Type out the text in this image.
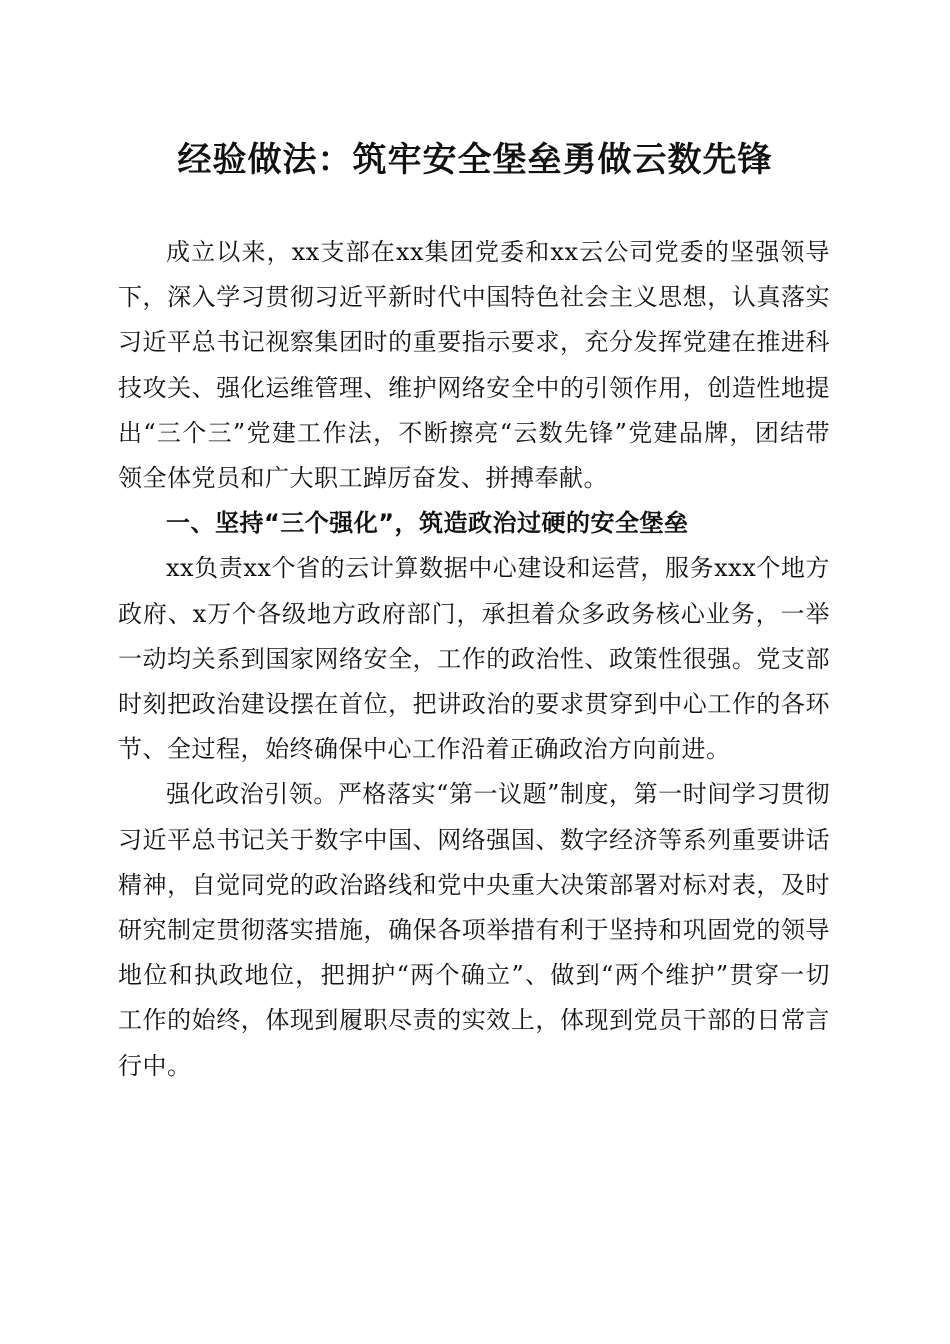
经验做法：筑牢安全堡垒勇做云数先锋

成立以来，xx支部在xx集团党委和xx云公司党委的坚强领导下，深入学习贯彻习近平新时代中国特色社会主义思想，认真落实习近平总书记视察集团时的重要指示要求，充分发挥党建在推进科技攻关、强化运维管理、维护网络安全中的引领作用，创造性地提出“三个三”党建工作法，不断擦亮“云数先锋”党建品牌，团结带领全体党员和广大职工踔厉奋发、拼搏奉献。

一、坚持“三个强化”，筑造政治过硬的安全堡垒

xx负责xx个省的云计算数据中心建设和运营，服务xxx个地方政府、x万个各级地方政府部门，承担着众多政务核心业务，一举一动均关系到国家网络安全，工作的政治性、政策性很强。党支部时刻把政治建设摆在首位，把讲政治的要求贯穿到中心工作的各环节、全过程，始终确保中心工作沿着正确政治方向前进。

强化政治引领。严格落实“第一议题”制度，第一时间学习贯彻习近平总书记关于数字中国、网络强国、数字经济等系列重要讲话精神，自觉同党的政治路线和党中央重大决策部署对标对表，及时研究制定贯彻落实措施，确保各项举措有利于坚持和巩固党的领导地位和执政地位，把拥护“两个确立”、做到“两个维护”贯穿一切工作的始终，体现到履职尽责的实效上，体现到党员干部的日常言行中。
